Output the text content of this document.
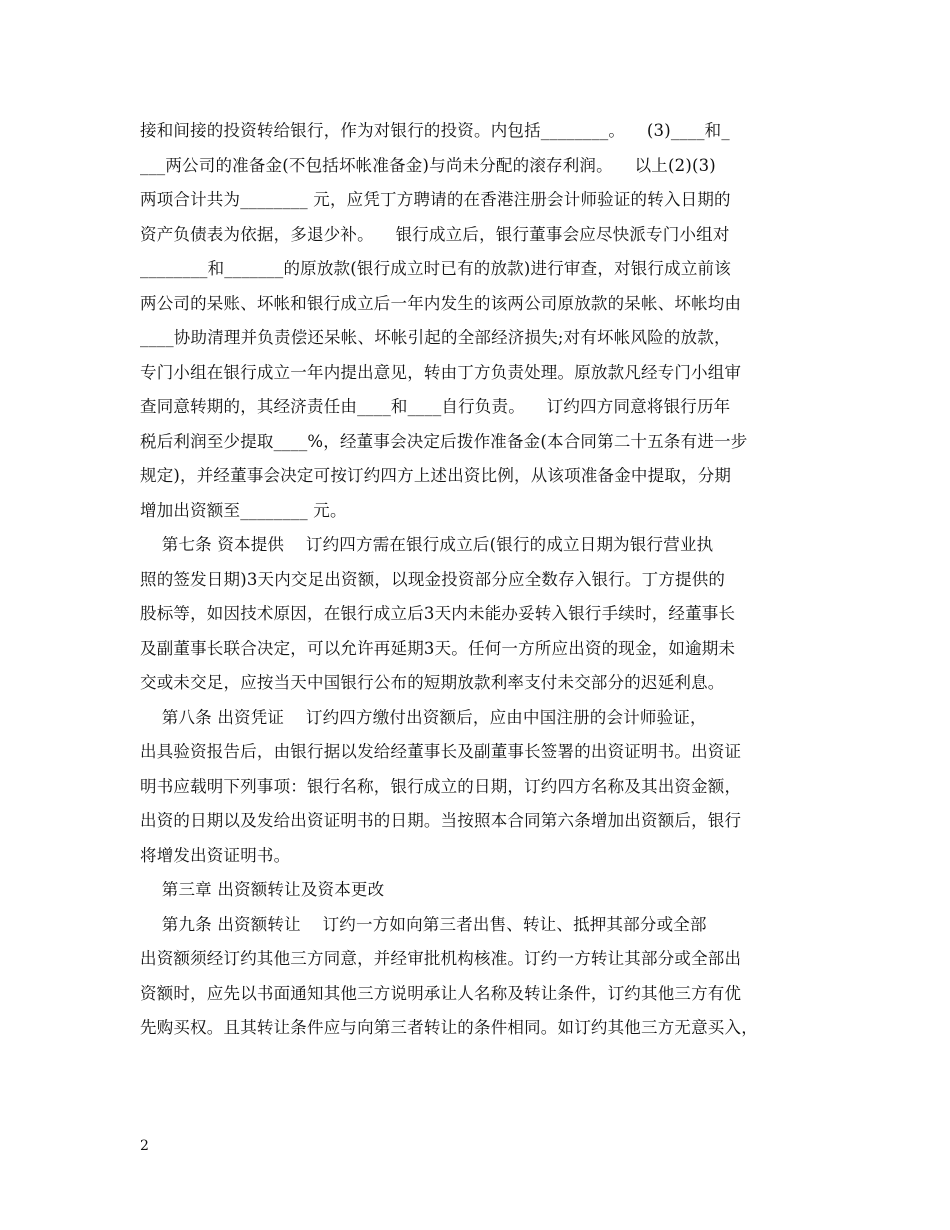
接和间接的投资转给银行，作为对银行的投资。内包括________。    (3)____和_
___两公司的准备金(不包括坏帐准备金)与尚未分配的滚存利润。    以上(2)(3)
两项合计共为________ 元，应凭丁方聘请的在香港注册会计师验证的转入日期的
资产负债表为依据，多退少补。    银行成立后，银行董事会应尽快派专门小组对
________和_______的原放款(银行成立时已有的放款)进行审查，对银行成立前该
两公司的呆账、坏帐和银行成立后一年内发生的该两公司原放款的呆帐、坏帐均由
____协助清理并负责偿还呆帐、坏帐引起的全部经济损失;对有坏帐风险的放款，
专门小组在银行成立一年内提出意见，转由丁方负责处理。原放款凡经专门小组审
查同意转期的，其经济责任由____和____自行负责。    订约四方同意将银行历年
税后利润至少提取____%，经董事会决定后拨作准备金(本合同第二十五条有进一步
规定)，并经董事会决定可按订约四方上述出资比例，从该项准备金中提取，分期
增加出资额至________ 元。
第七条 资本提供    订约四方需在银行成立后(银行的成立日期为银行营业执
照的签发日期)3天内交足出资额，以现金投资部分应全数存入银行。丁方提供的
股标等，如因技术原因，在银行成立后3天内未能办妥转入银行手续时，经董事长
及副董事长联合决定，可以允许再延期3天。任何一方所应出资的现金，如逾期未
交或未交足，应按当天中国银行公布的短期放款利率支付未交部分的迟延利息。
第八条 出资凭证    订约四方缴付出资额后，应由中国注册的会计师验证，
出具验资报告后，由银行据以发给经董事长及副董事长签署的出资证明书。出资证
明书应载明下列事项：银行名称，银行成立的日期，订约四方名称及其出资金额，
出资的日期以及发给出资证明书的日期。当按照本合同第六条增加出资额后，银行
将增发出资证明书。
第三章 出资额转让及资本更改
第九条 出资额转让    订约一方如向第三者出售、转让、抵押其部分或全部
出资额须经订约其他三方同意，并经审批机构核准。订约一方转让其部分或全部出
资额时，应先以书面通知其他三方说明承让人名称及转让条件，订约其他三方有优
先购买权。且其转让条件应与向第三者转让的条件相同。如订约其他三方无意买入，
2
